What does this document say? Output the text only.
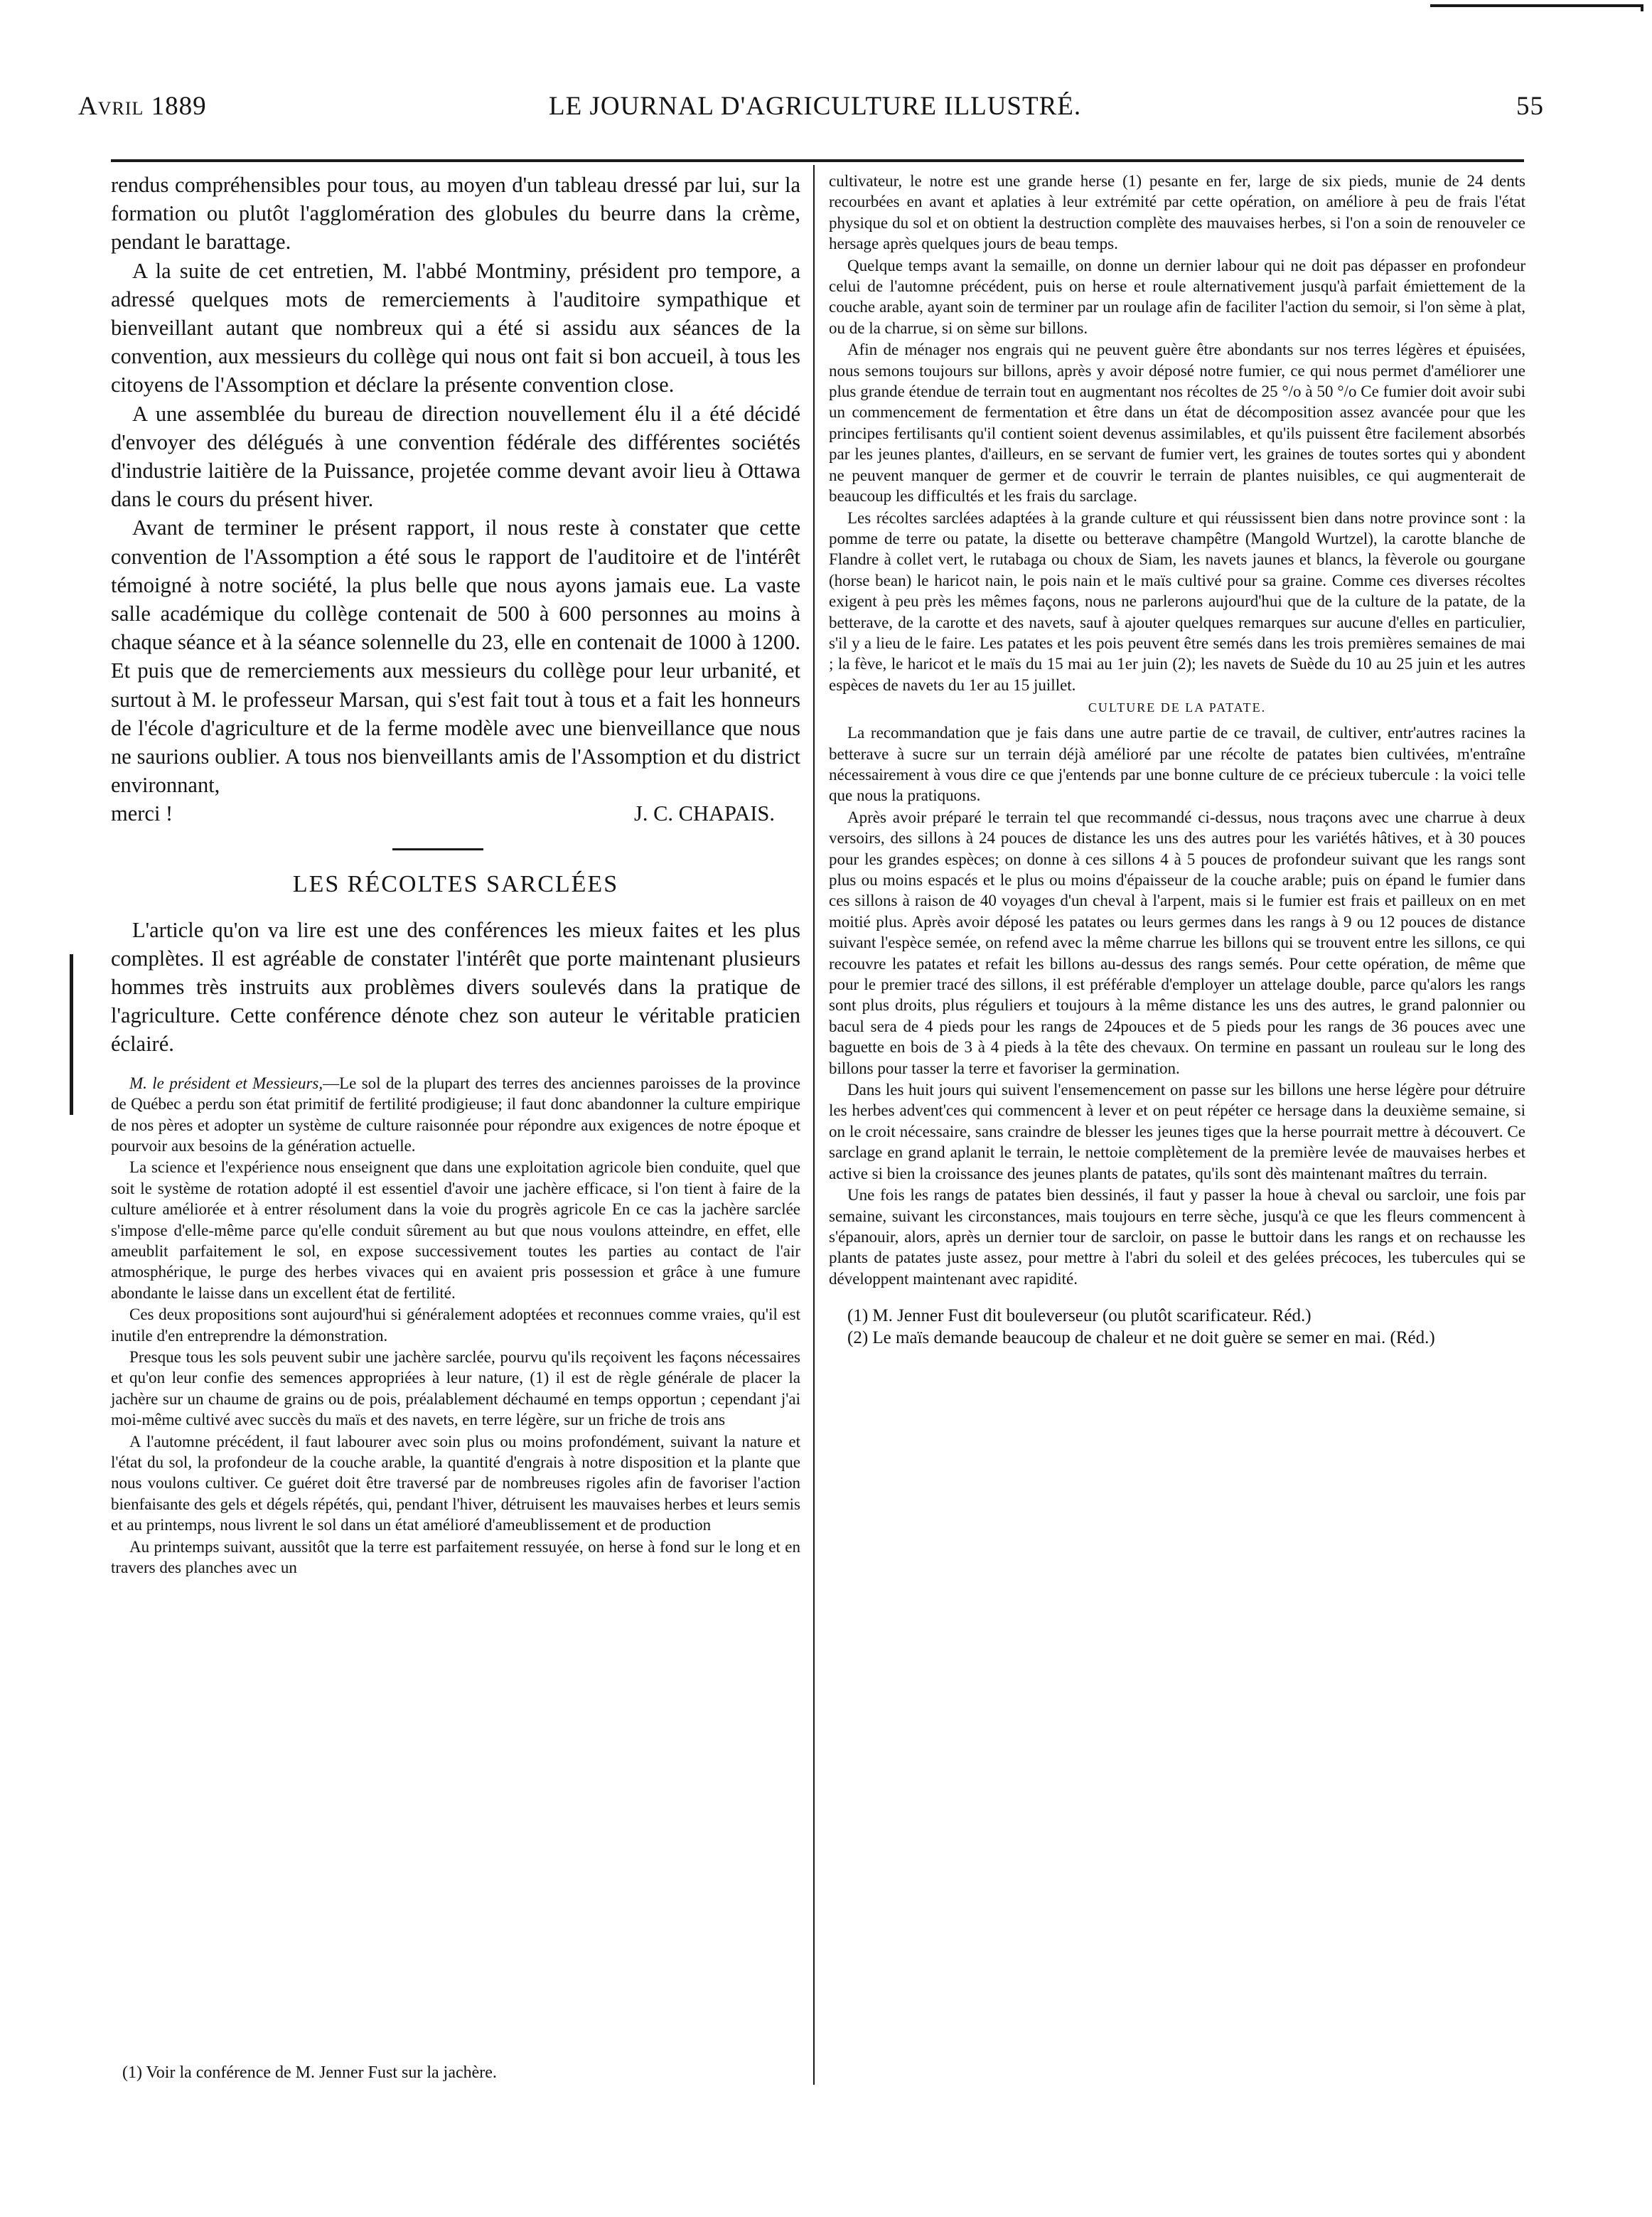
Avril 1889	LE JOURNAL D'AGRICULTURE ILLUSTRÉ.	55

rendus compréhensibles pour tous, au moyen d'un tableau dressé par lui, sur la formation ou plutôt l'agglomération des globules du beurre dans la crème, pendant le barattage.

A la suite de cet entretien, M. l'abbé Montminy, président pro tempore, a adressé quelques mots de remerciements à l'auditoire sympathique et bienveillant autant que nombreux qui a été si assidu aux séances de la convention, aux messieurs du collège qui nous ont fait si bon accueil, à tous les citoyens de l'Assomption et déclare la présente convention close.

A une assemblée du bureau de direction nouvellement élu il a été décidé d'envoyer des délégués à une convention fédérale des différentes sociétés d'industrie laitière de la Puissance, projetée comme devant avoir lieu à Ottawa dans le cours du présent hiver.

Avant de terminer le présent rapport, il nous reste à constater que cette convention de l'Assomption a été sous le rapport de l'auditoire et de l'intérêt témoigné à notre société, la plus belle que nous ayons jamais eue. La vaste salle académique du collège contenait de 500 à 600 personnes au moins à chaque séance et à la séance solennelle du 23, elle en contenait de 1000 à 1200. Et puis que de remerciements aux messieurs du collège pour leur urbanité, et surtout à M. le professeur Marsan, qui s'est fait tout à tous et a fait les honneurs de l'école d'agriculture et de la ferme modèle avec une bienveillance que nous ne saurions oublier. A tous nos bienveillants amis de l'Assomption et du district environnant,

merci !	J. C. CHAPAIS.
LES RÉCOLTES SARCLÉES

L'article qu'on va lire est une des conférences les mieux faites et les plus complètes. Il est agréable de constater l'intérêt que porte maintenant plusieurs hommes très instruits aux problèmes divers soulevés dans la pratique de l'agriculture. Cette conférence dénote chez son auteur le véritable praticien éclairé.

M. le président et Messieurs,—Le sol de la plupart des terres des anciennes paroisses de la province de Québec a perdu son état primitif de fertilité prodigieuse; il faut donc abandonner la culture empirique de nos pères et adopter un système de culture raisonnée pour répondre aux exigences de notre époque et pourvoir aux besoins de la génération actuelle.

La science et l'expérience nous enseignent que dans une exploitation agricole bien conduite, quel que soit le système de rotation adopté il est essentiel d'avoir une jachère efficace, si l'on tient à faire de la culture améliorée et à entrer résolument dans la voie du progrès agricole En ce cas la jachère sarclée s'impose d'elle-même parce qu'elle conduit sûrement au but que nous voulons atteindre, en effet, elle ameublit parfaitement le sol, en expose successivement toutes les parties au contact de l'air atmosphérique, le purge des herbes vivaces qui en avaient pris possession et grâce à une fumure abondante le laisse dans un excellent état de fertilité.

Ces deux propositions sont aujourd'hui si généralement adoptées et reconnues comme vraies, qu'il est inutile d'en entreprendre la démonstration.

Presque tous les sols peuvent subir une jachère sarclée, pourvu qu'ils reçoivent les façons nécessaires et qu'on leur confie des semences appropriées à leur nature, (1) il est de règle générale de placer la jachère sur un chaume de grains ou de pois, préalablement déchaumé en temps opportun ; cependant j'ai moi-même cultivé avec succès du maïs et des navets, en terre légère, sur un friche de trois ans

A l'automne précédent, il faut labourer avec soin plus ou moins profondément, suivant la nature et l'état du sol, la profondeur de la couche arable, la quantité d'engrais à notre disposition et la plante que nous voulons cultiver. Ce guéret doit être traversé par de nombreuses rigoles afin de favoriser l'action bienfaisante des gels et dégels répétés, qui, pendant l'hiver, détruisent les mauvaises herbes et leurs semis et au printemps, nous livrent le sol dans un état amélioré d'ameublissement et de production

Au printemps suivant, aussitôt que la terre est parfaitement ressuyée, on herse à fond sur le long et en travers des planches avec un

(1) Voir la conférence de M. Jenner Fust sur la jachère.

cultivateur, le notre est une grande herse (1) pesante en fer, large de six pieds, munie de 24 dents recourbées en avant et aplaties à leur extrémité par cette opération, on améliore à peu de frais l'état physique du sol et on obtient la destruction complète des mauvaises herbes, si l'on a soin de renouveler ce hersage après quelques jours de beau temps.

Quelque temps avant la semaille, on donne un dernier labour qui ne doit pas dépasser en profondeur celui de l'automne précédent, puis on herse et roule alternativement jusqu'à parfait émiettement de la couche arable, ayant soin de terminer par un roulage afin de faciliter l'action du semoir, si l'on sème à plat, ou de la charrue, si on sème sur billons.

Afin de ménager nos engrais qui ne peuvent guère être abondants sur nos terres légères et épuisées, nous semons toujours sur billons, après y avoir déposé notre fumier, ce qui nous permet d'améliorer une plus grande étendue de terrain tout en augmentant nos récoltes de 25 °/o à 50 °/o Ce fumier doit avoir subi un commencement de fermentation et être dans un état de décomposition assez avancée pour que les principes fertilisants qu'il contient soient devenus assimilables, et qu'ils puissent être facilement absorbés par les jeunes plantes, d'ailleurs, en se servant de fumier vert, les graines de toutes sortes qui y abondent ne peuvent manquer de germer et de couvrir le terrain de plantes nuisibles, ce qui augmenterait de beaucoup les difficultés et les frais du sarclage.

Les récoltes sarclées adaptées à la grande culture et qui réussissent bien dans notre province sont : la pomme de terre ou patate, la disette ou betterave champêtre (Mangold Wurtzel), la carotte blanche de Flandre à collet vert, le rutabaga ou choux de Siam, les navets jaunes et blancs, la fèverole ou gourgane (horse bean) le haricot nain, le pois nain et le maïs cultivé pour sa graine. Comme ces diverses récoltes exigent à peu près les mêmes façons, nous ne parlerons aujourd'hui que de la culture de la patate, de la betterave, de la carotte et des navets, sauf à ajouter quelques remarques sur aucune d'elles en particulier, s'il y a lieu de le faire. Les patates et les pois peuvent être semés dans les trois premières semaines de mai ; la fève, le haricot et le maïs du 15 mai au 1er juin (2); les navets de Suède du 10 au 25 juin et les autres espèces de navets du 1er au 15 juillet.

CULTURE DE LA PATATE.

La recommandation que je fais dans une autre partie de ce travail, de cultiver, entr'autres racines la betterave à sucre sur un terrain déjà amélioré par une récolte de patates bien cultivées, m'entraîne nécessairement à vous dire ce que j'entends par une bonne culture de ce précieux tubercule : la voici telle que nous la pratiquons.

Après avoir préparé le terrain tel que recommandé ci-dessus, nous traçons avec une charrue à deux versoirs, des sillons à 24 pouces de distance les uns des autres pour les variétés hâtives, et à 30 pouces pour les grandes espèces; on donne à ces sillons 4 à 5 pouces de profondeur suivant que les rangs sont plus ou moins espacés et le plus ou moins d'épaisseur de la couche arable; puis on épand le fumier dans ces sillons à raison de 40 voyages d'un cheval à l'arpent, mais si le fumier est frais et pailleux on en met moitié plus. Après avoir déposé les patates ou leurs germes dans les rangs à 9 ou 12 pouces de distance suivant l'espèce semée, on refend avec la même charrue les billons qui se trouvent entre les sillons, ce qui recouvre les patates et refait les billons au-dessus des rangs semés. Pour cette opération, de même que pour le premier tracé des sillons, il est préférable d'employer un attelage double, parce qu'alors les rangs sont plus droits, plus réguliers et toujours à la même distance les uns des autres, le grand palonnier ou bacul sera de 4 pieds pour les rangs de 24pouces et de 5 pieds pour les rangs de 36 pouces avec une baguette en bois de 3 à 4 pieds à la tête des chevaux. On termine en passant un rouleau sur le long des billons pour tasser la terre et favoriser la germination.

Dans les huit jours qui suivent l'ensemencement on passe sur les billons une herse légère pour détruire les herbes advent'ces qui commencent à lever et on peut répéter ce hersage dans la deuxième semaine, si on le croit nécessaire, sans craindre de blesser les jeunes tiges que la herse pourrait mettre à découvert. Ce sarclage en grand aplanit le terrain, le nettoie complètement de la première levée de mauvaises herbes et active si bien la croissance des jeunes plants de patates, qu'ils sont dès maintenant maîtres du terrain.

Une fois les rangs de patates bien dessinés, il faut y passer la houe à cheval ou sarcloir, une fois par semaine, suivant les circonstances, mais toujours en terre sèche, jusqu'à ce que les fleurs commencent à s'épanouir, alors, après un dernier tour de sarcloir, on passe le buttoir dans les rangs et on rechausse les plants de patates juste assez, pour mettre à l'abri du soleil et des gelées précoces, les tubercules qui se développent maintenant avec rapidité.

(1) M. Jenner Fust dit bouleverseur (ou plutôt scarificateur. Réd.)

(2) Le maïs demande beaucoup de chaleur et ne doit guère se semer en mai. (Réd.)
